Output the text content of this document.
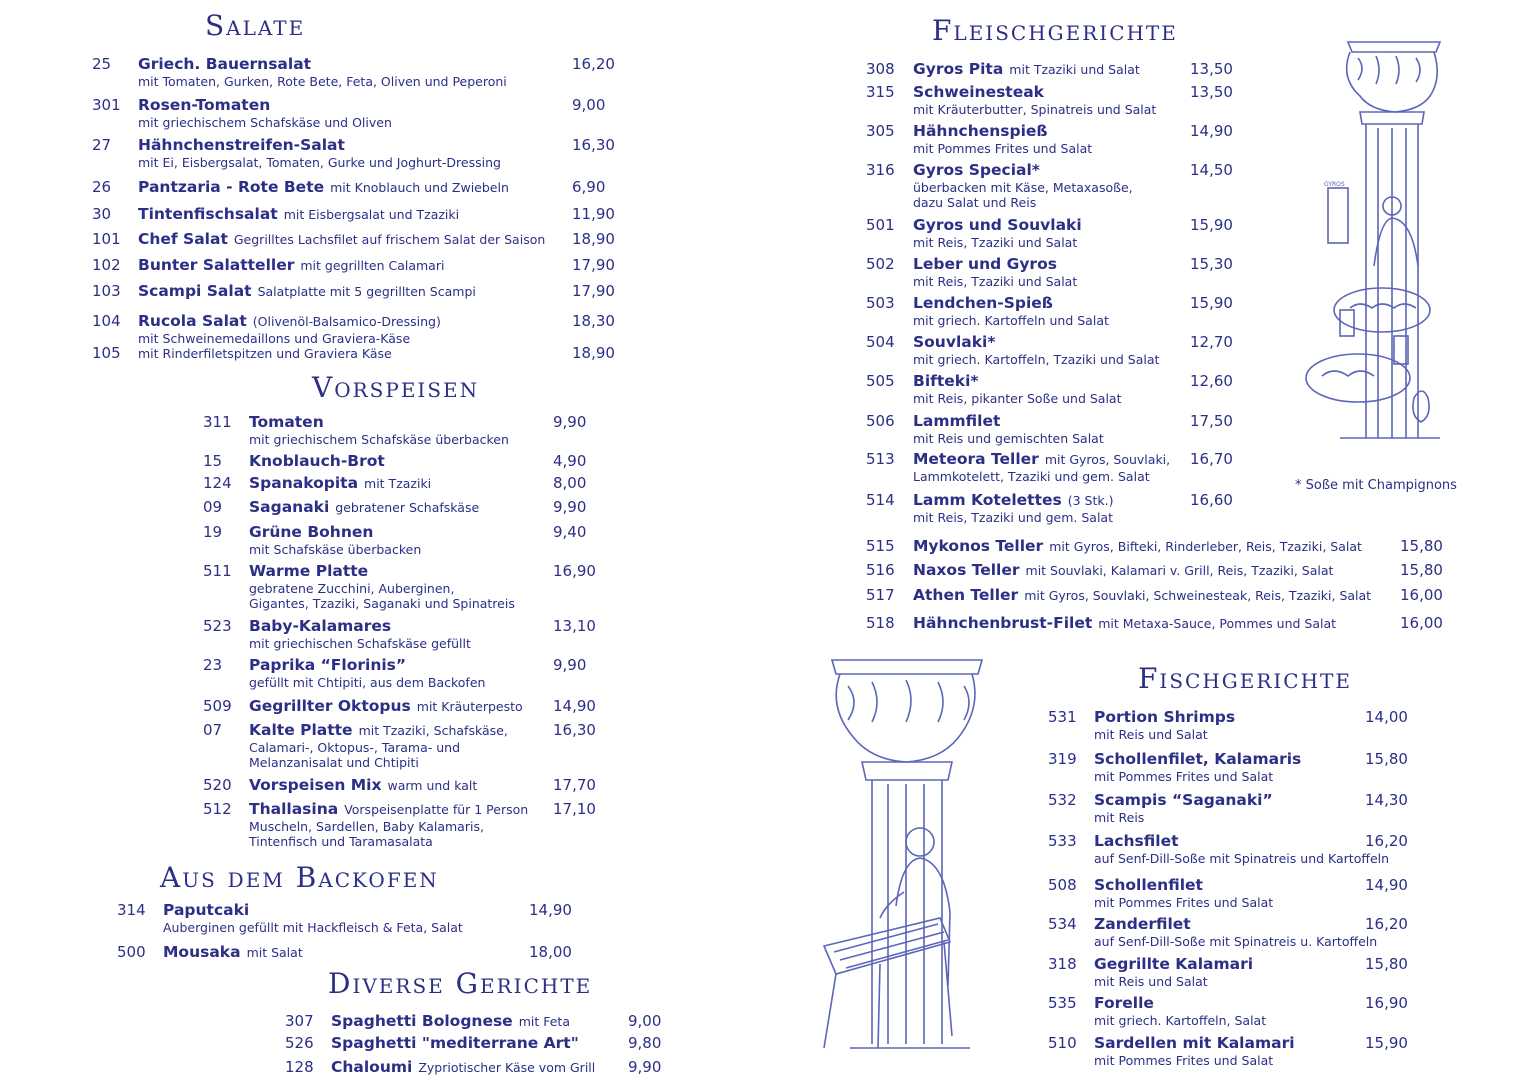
Salate
Vorspeisen
Aus dem Backofen
Diverse Gerichte
Fleischgerichte
Fischgerichte
25 Griech. Bauernsalat	16,20
mit Tomaten, Gurken, Rote Bete, Feta, Oliven und Peperoni
301 Rosen-Tomaten	9,00
mit griechischem Schafskäse und Oliven
27 Hähnchenstreifen-Salat	16,30
mit Ei, Eisbergsalat, Tomaten, Gurke und Joghurt-Dressing
26 Pantzaria - Rote Bete mit Knoblauch und Zwiebeln	6,90
30 Tintenfischsalat mit Eisbergsalat und Tzaziki	11,90
101 Chef Salat Gegrilltes Lachsfilet auf frischem Salat der Saison 18,90
102 Bunter Salatteller mit gegrillten Calamari	17,90
103 Scampi Salat Salatplatte mit 5 gegrillten Scampi	17,90
104 Rucola Salat (Olivenöl-Balsamico-Dressing)	18,30
mit Schweinemedaillons und Graviera-Käse
105	18,90
mit Rinderfiletspitzen und Graviera Käse
311 Tomaten	9,90
mit griechischem Schafskäse überbacken
15 Knoblauch-Brot	4,90
124 Spanakopita mit Tzaziki	8,00
09 Saganaki gebratener Schafskäse	9,90
19 Grüne Bohnen	9,40
mit Schafskäse überbacken
511 Warme Platte	16,90
gebratene Zucchini, Auberginen,
Gigantes, Tzaziki, Saganaki und Spinatreis
523 Baby-Kalamares	13,10
mit griechischen Schafskäse gefüllt
23 Paprika “Florinis”	9,90
gefüllt mit Chtipiti, aus dem Backofen
509 Gegrillter Oktopus mit Kräuterpesto 14,90
07 Kalte Platte mit Tzaziki, Schafskäse,	16,30
Calamari-, Oktopus-, Tarama- und
Melanzanisalat und Chtipiti
520 Vorspeisen Mix warm und kalt	17,70
512 Thallasina Vorspeisenplatte für 1 Person 17,10
Muscheln, Sardellen, Baby Kalamaris,
Tintenfisch und Taramasalata
314 Paputcaki	14,90
Auberginen gefüllt mit Hackfleisch & Feta, Salat
500 Mousaka mit Salat	18,00
307 Spaghetti Bolognese mit Feta	9,00
526 Spaghetti "mediterrane Art"	9,80
128 Chaloumi Zypriotischer Käse vom Grill 9,90
308 Gyros Pita mit Tzaziki und Salat	13,50
315 Schweinesteak	13,50
mit Kräuterbutter, Spinatreis und Salat
305 Hähnchenspieß	14,90
mit Pommes Frites und Salat
316 Gyros Special*	14,50
überbacken mit Käse, Metaxasoße,
dazu Salat und Reis
501 Gyros und Souvlaki	15,90
mit Reis, Tzaziki und Salat
502 Leber und Gyros	15,30
mit Reis, Tzaziki und Salat
503 Lendchen-Spieß	15,90
mit griech. Kartoffeln und Salat
504 Souvlaki*	12,70
mit griech. Kartoffeln, Tzaziki und Salat
505 Bifteki*	12,60
mit Reis, pikanter Soße und Salat
506 Lammfilet	17,50
mit Reis und gemischten Salat
513 Meteora Teller mit Gyros, Souvlaki, 16,70
Lammkotelett, Tzaziki und gem. Salat
514 Lamm Kotelettes (3 Stk.)	16,60
mit Reis, Tzaziki und gem. Salat
515 Mykonos Teller mit Gyros, Bifteki, Rinderleber, Reis, Tzaziki, Salat	15,80
516 Naxos Teller mit Souvlaki, Kalamari v. Grill, Reis, Tzaziki, Salat	15,80
517 Athen Teller mit Gyros, Souvlaki, Schweinesteak, Reis, Tzaziki, Salat 16,00
518 Hähnchenbrust-Filet mit Metaxa-Sauce, Pommes und Salat	16,00
531 Portion Shrimps	14,00
mit Reis und Salat
319 Schollenfilet, Kalamaris	15,80
mit Pommes Frites und Salat
532 Scampis “Saganaki”	14,30
mit Reis
533 Lachsfilet	16,20
auf Senf-Dill-Soße mit Spinatreis und Kartoffeln
508 Schollenfilet	14,90
mit Pommes Frites und Salat
534 Zanderfilet	16,20
auf Senf-Dill-Soße mit Spinatreis u. Kartoffeln
318 Gegrillte Kalamari	15,80
mit Reis und Salat
535 Forelle	16,90
mit griech. Kartoffeln, Salat
510 Sardellen mit Kalamari	15,90
mit Pommes Frites und Salat
* Soße mit Champignons
GYROS
